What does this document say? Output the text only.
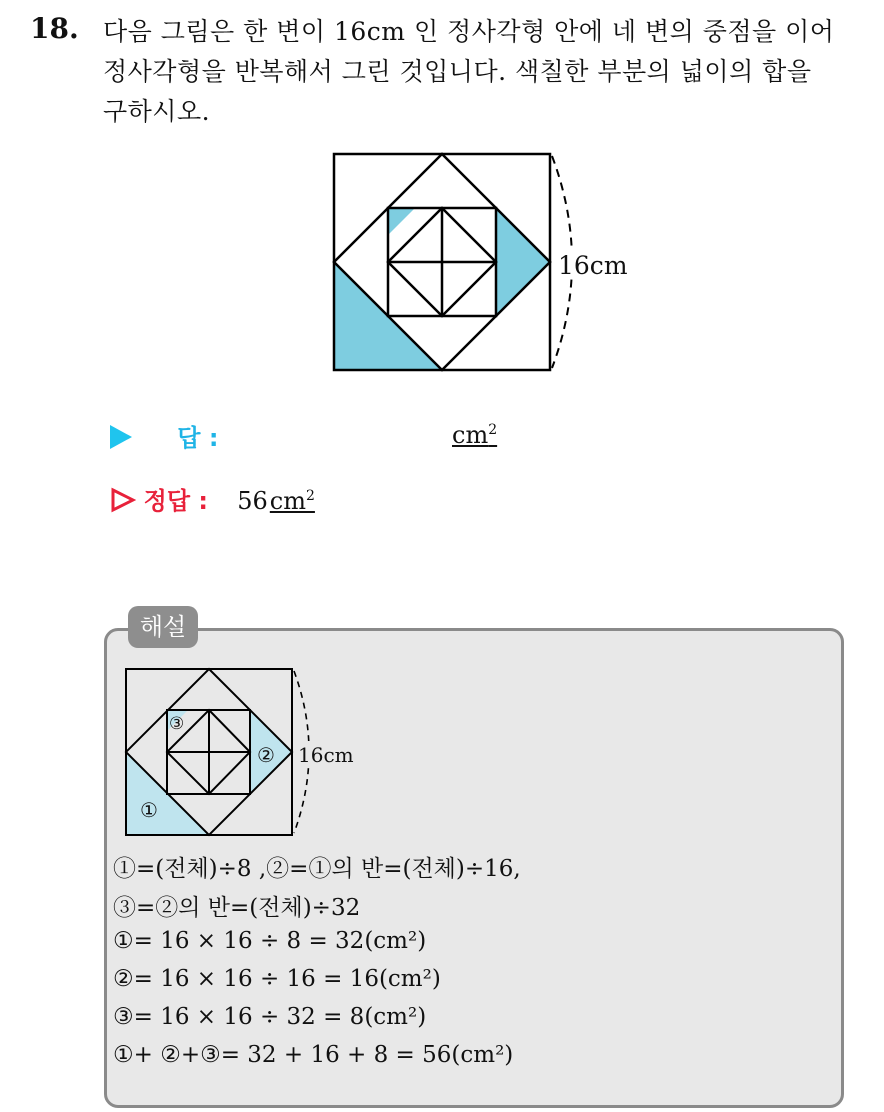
18. 다음 그림은 한 변이 16cm 인 정사각형 안에 네 변의 중점을 이어
정사각형을 반복해서 그린 것입니다. 색칠한 부분의 넓이의 합을
구하시오.
16cm
답 :	$cm^2$
정답 : $56cm^2$
해설
16cm
①
②
③
①=(전체)÷8 ,②=①의 반=(전체)÷16,
③=②의 반=(전체)÷32
①= 16 × 16 ÷ 8 = 32(cm²)
②= 16 × 16 ÷ 16 = 16(cm²)
③= 16 × 16 ÷ 32 = 8(cm²)
①+ ②+③= 32 + 16 + 8 = 56(cm²)
